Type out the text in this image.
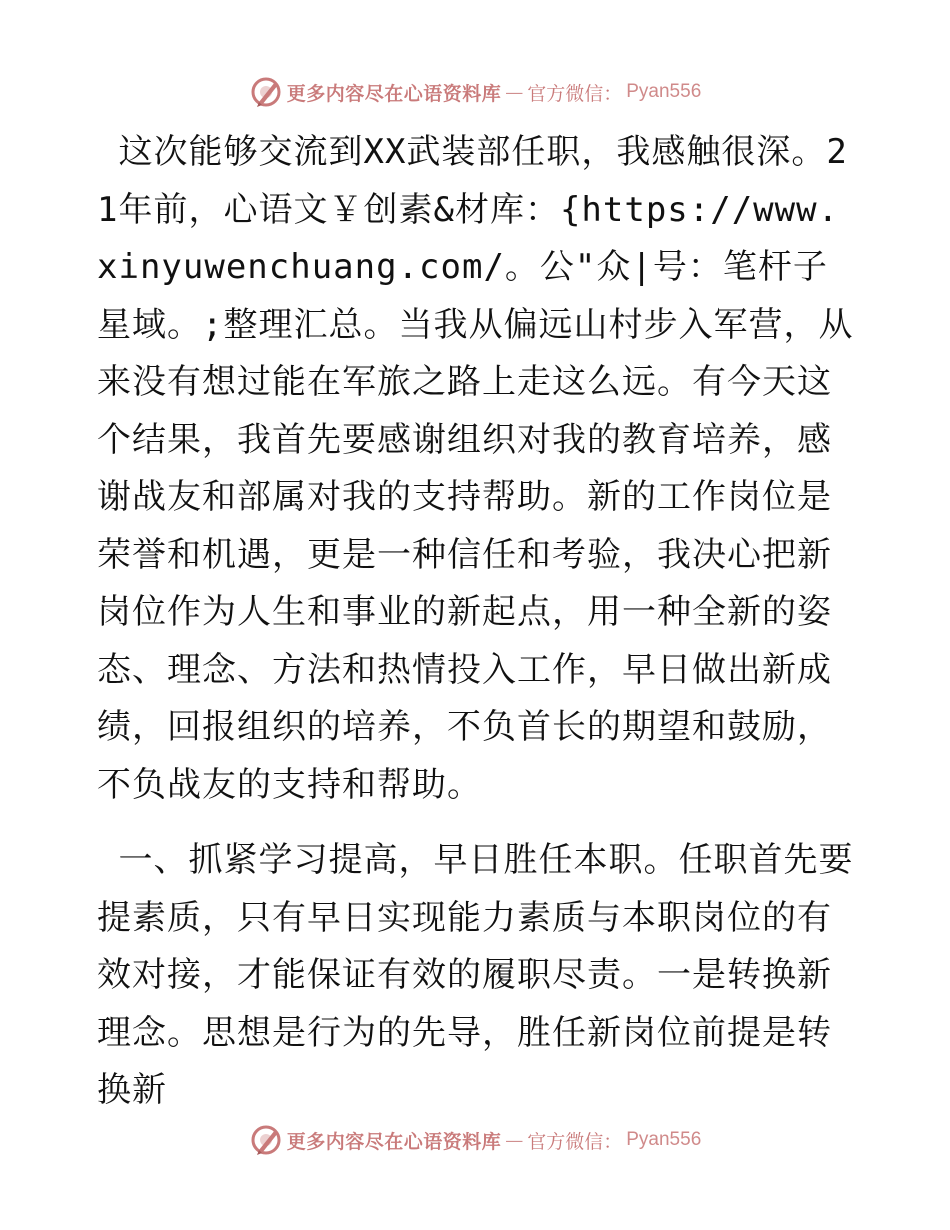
更多内容尽在心语资料库 — 官方微信： Pyan556

这次能够交流到XX武装部任职，我感触很深。21年前，心语文￥创素&材库：{https://www.xinyuwenchuang.com/。公"众|号：笔杆子星域。;整理汇总。当我从偏远山村步入军营，从来没有想过能在军旅之路上走这么远。有今天这个结果，我首先要感谢组织对我的教育培养，感谢战友和部属对我的支持帮助。新的工作岗位是荣誉和机遇，更是一种信任和考验，我决心把新岗位作为人生和事业的新起点，用一种全新的姿态、理念、方法和热情投入工作，早日做出新成绩，回报组织的培养，不负首长的期望和鼓励，不负战友的支持和帮助。

一、抓紧学习提高，早日胜任本职。任职首先要提素质，只有早日实现能力素质与本职岗位的有效对接，才能保证有效的履职尽责。一是转换新理念。思想是行为的先导，胜任新岗位前提是转换新

更多内容尽在心语资料库 — 官方微信： Pyan556
